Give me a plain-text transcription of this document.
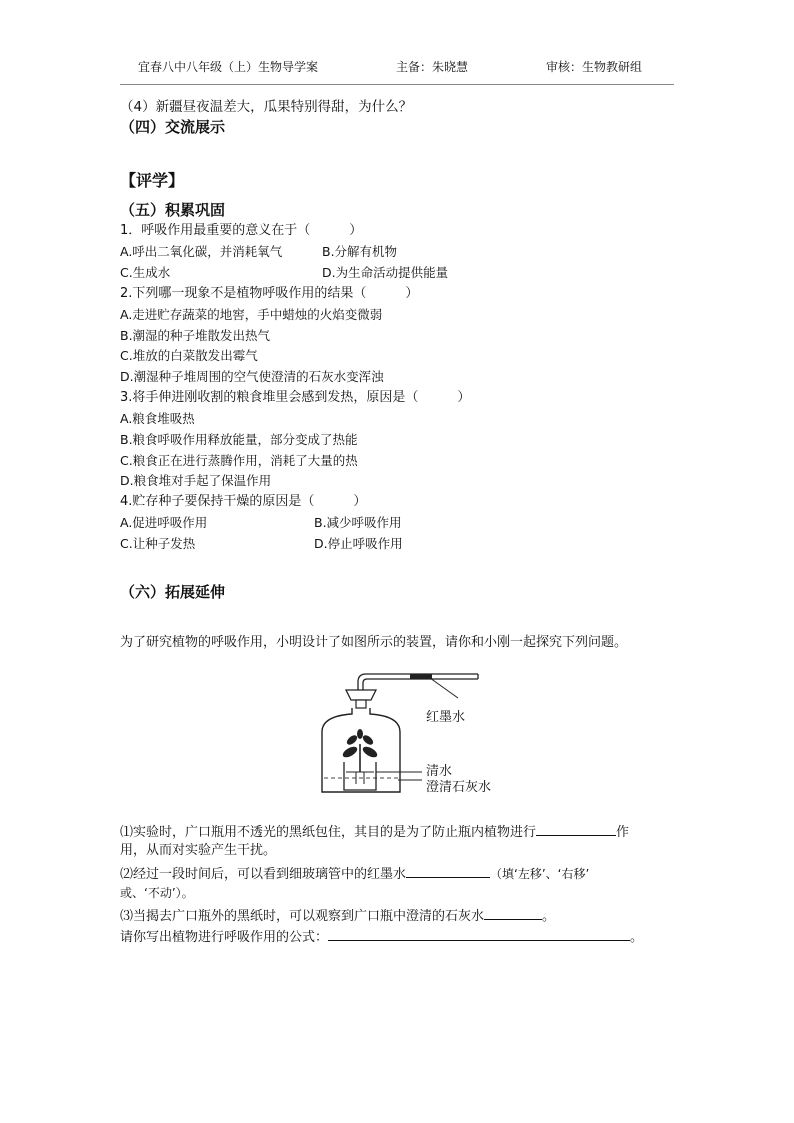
宜春八中八年级（上）生物导学案	主备：朱晓慧	审核：生物教研组
（4）新疆昼夜温差大，瓜果特别得甜，为什么？
（四）交流展示
【评学】
（五）积累巩固
1．呼吸作用最重要的意义在于（　　　）
A.呼出二氧化碳，并消耗氧气	B.分解有机物
C.生成水	D.为生命活动提供能量
2.下列哪一现象不是植物呼吸作用的结果（　　　）
A.走进贮存蔬菜的地窖，手中蜡烛的火焰变微弱
B.潮湿的种子堆散发出热气
C.堆放的白菜散发出霉气
D.潮湿种子堆周围的空气使澄清的石灰水变浑浊
3.将手伸进刚收割的粮食堆里会感到发热，原因是（　　　）
A.粮食堆吸热
B.粮食呼吸作用释放能量，部分变成了热能
C.粮食正在进行蒸腾作用，消耗了大量的热
D.粮食堆对手起了保温作用
4.贮存种子要保持干燥的原因是（　　　）
A.促进呼吸作用	B.减少呼吸作用
C.让种子发热	D.停止呼吸作用
（六）拓展延伸
为了研究植物的呼吸作用，小明设计了如图所示的装置，请你和小刚一起探究下列问题。
红墨水
清水
澄清石灰水
⑴实验时，广口瓶用不透光的黑纸包住，其目的是为了防止瓶内植物进行	作
用，从而对实验产生干扰。
⑵经过一段时间后，可以看到细玻璃管中的红墨水	（填‘左移’、‘右移’
或、‘不动’）。
⑶当揭去广口瓶外的黑纸时，可以观察到广口瓶中澄清的石灰水	。
请你写出植物进行呼吸作用的公式：	。
